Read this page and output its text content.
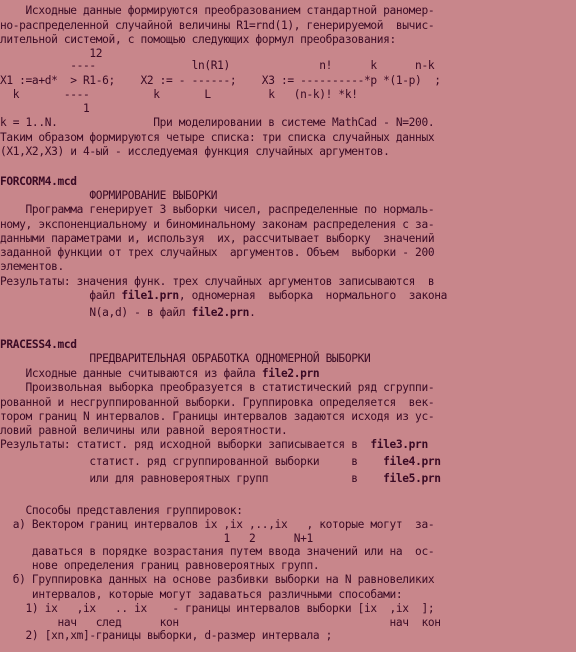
Исходные данные формируются преобразованием стандартной раномер-
но-распределенной случайной величины R1=rnd(1), генерируемой  вычис-
лительной системой, с помощью следующих формул преобразования:
12
----               ln(R1)              n!      k      n-k
X1 :=a+d*  > R1-6;    X2 := - ------;    X3 := ----------*p *(1-p)  ;
k       ----          k       L         k   (n-k)! *k!
1
k = 1..N.               При моделировании в системе MathCad - N=200.
Таким образом формируются четыре списка: три списка случайных данных
(X1,X2,X3) и 4-ый - исследуемая функция случайных аргументов.
FORCORM4.mcd
ФОРМИРОВАНИЕ ВЫБОРКИ
Программа генерирует 3 выборки чисел, распределенные по нормаль-
ному, экспоненциальному и биноминальному законам распределения с за-
данными параметрами и, используя  их, рассчитывает выборку  значений
заданной функции от трех случайных  аргументов. Объем  выборки - 200
элементов.
Результаты: значения функ. трех случайных аргументов записываются  в
файл file1.prn, одномерная  выборка  нормального  закона
N(a,d) - в файл file2.prn.
PRACESS4.mcd
ПРЕДВАРИТЕЛЬНАЯ ОБРАБОТКА ОДНОМЕРНОЙ ВЫБОРКИ
Исходные данные считываются из файла file2.prn
Произвольная выборка преобразуется в статистический ряд сгруппи-
рованной и несгруппированной выборки. Группировка определяется  век-
тором границ N интервалов. Границы интервалов задаются исходя из ус-
ловий равной величины или равной вероятности.
Результаты: статист. ряд исходной выборки записывается в  file3.prn
статист. ряд сгруппированной выборки     в    file4.prn
или для равновероятных групп             в    file5.prn
Способы представления группировок:
а) Вектором границ интервалов ix ,ix ,..,ix   , которые могут  за-
1   2      N+1
даваться в порядке возрастания путем ввода значений или на  ос-
нове определения границ равновероятных групп.
б) Группировка данных на основе разбивки выборки на N равновеликих
интервалов, которые могут задаваться различными способами:
1) ix   ,ix   .. ix    - границы интервалов выборки [ix  ,ix  ];
нач   след      кон                                 нач  кон
2) [xn,xm]-границы выборки, d-размер интервала ;
